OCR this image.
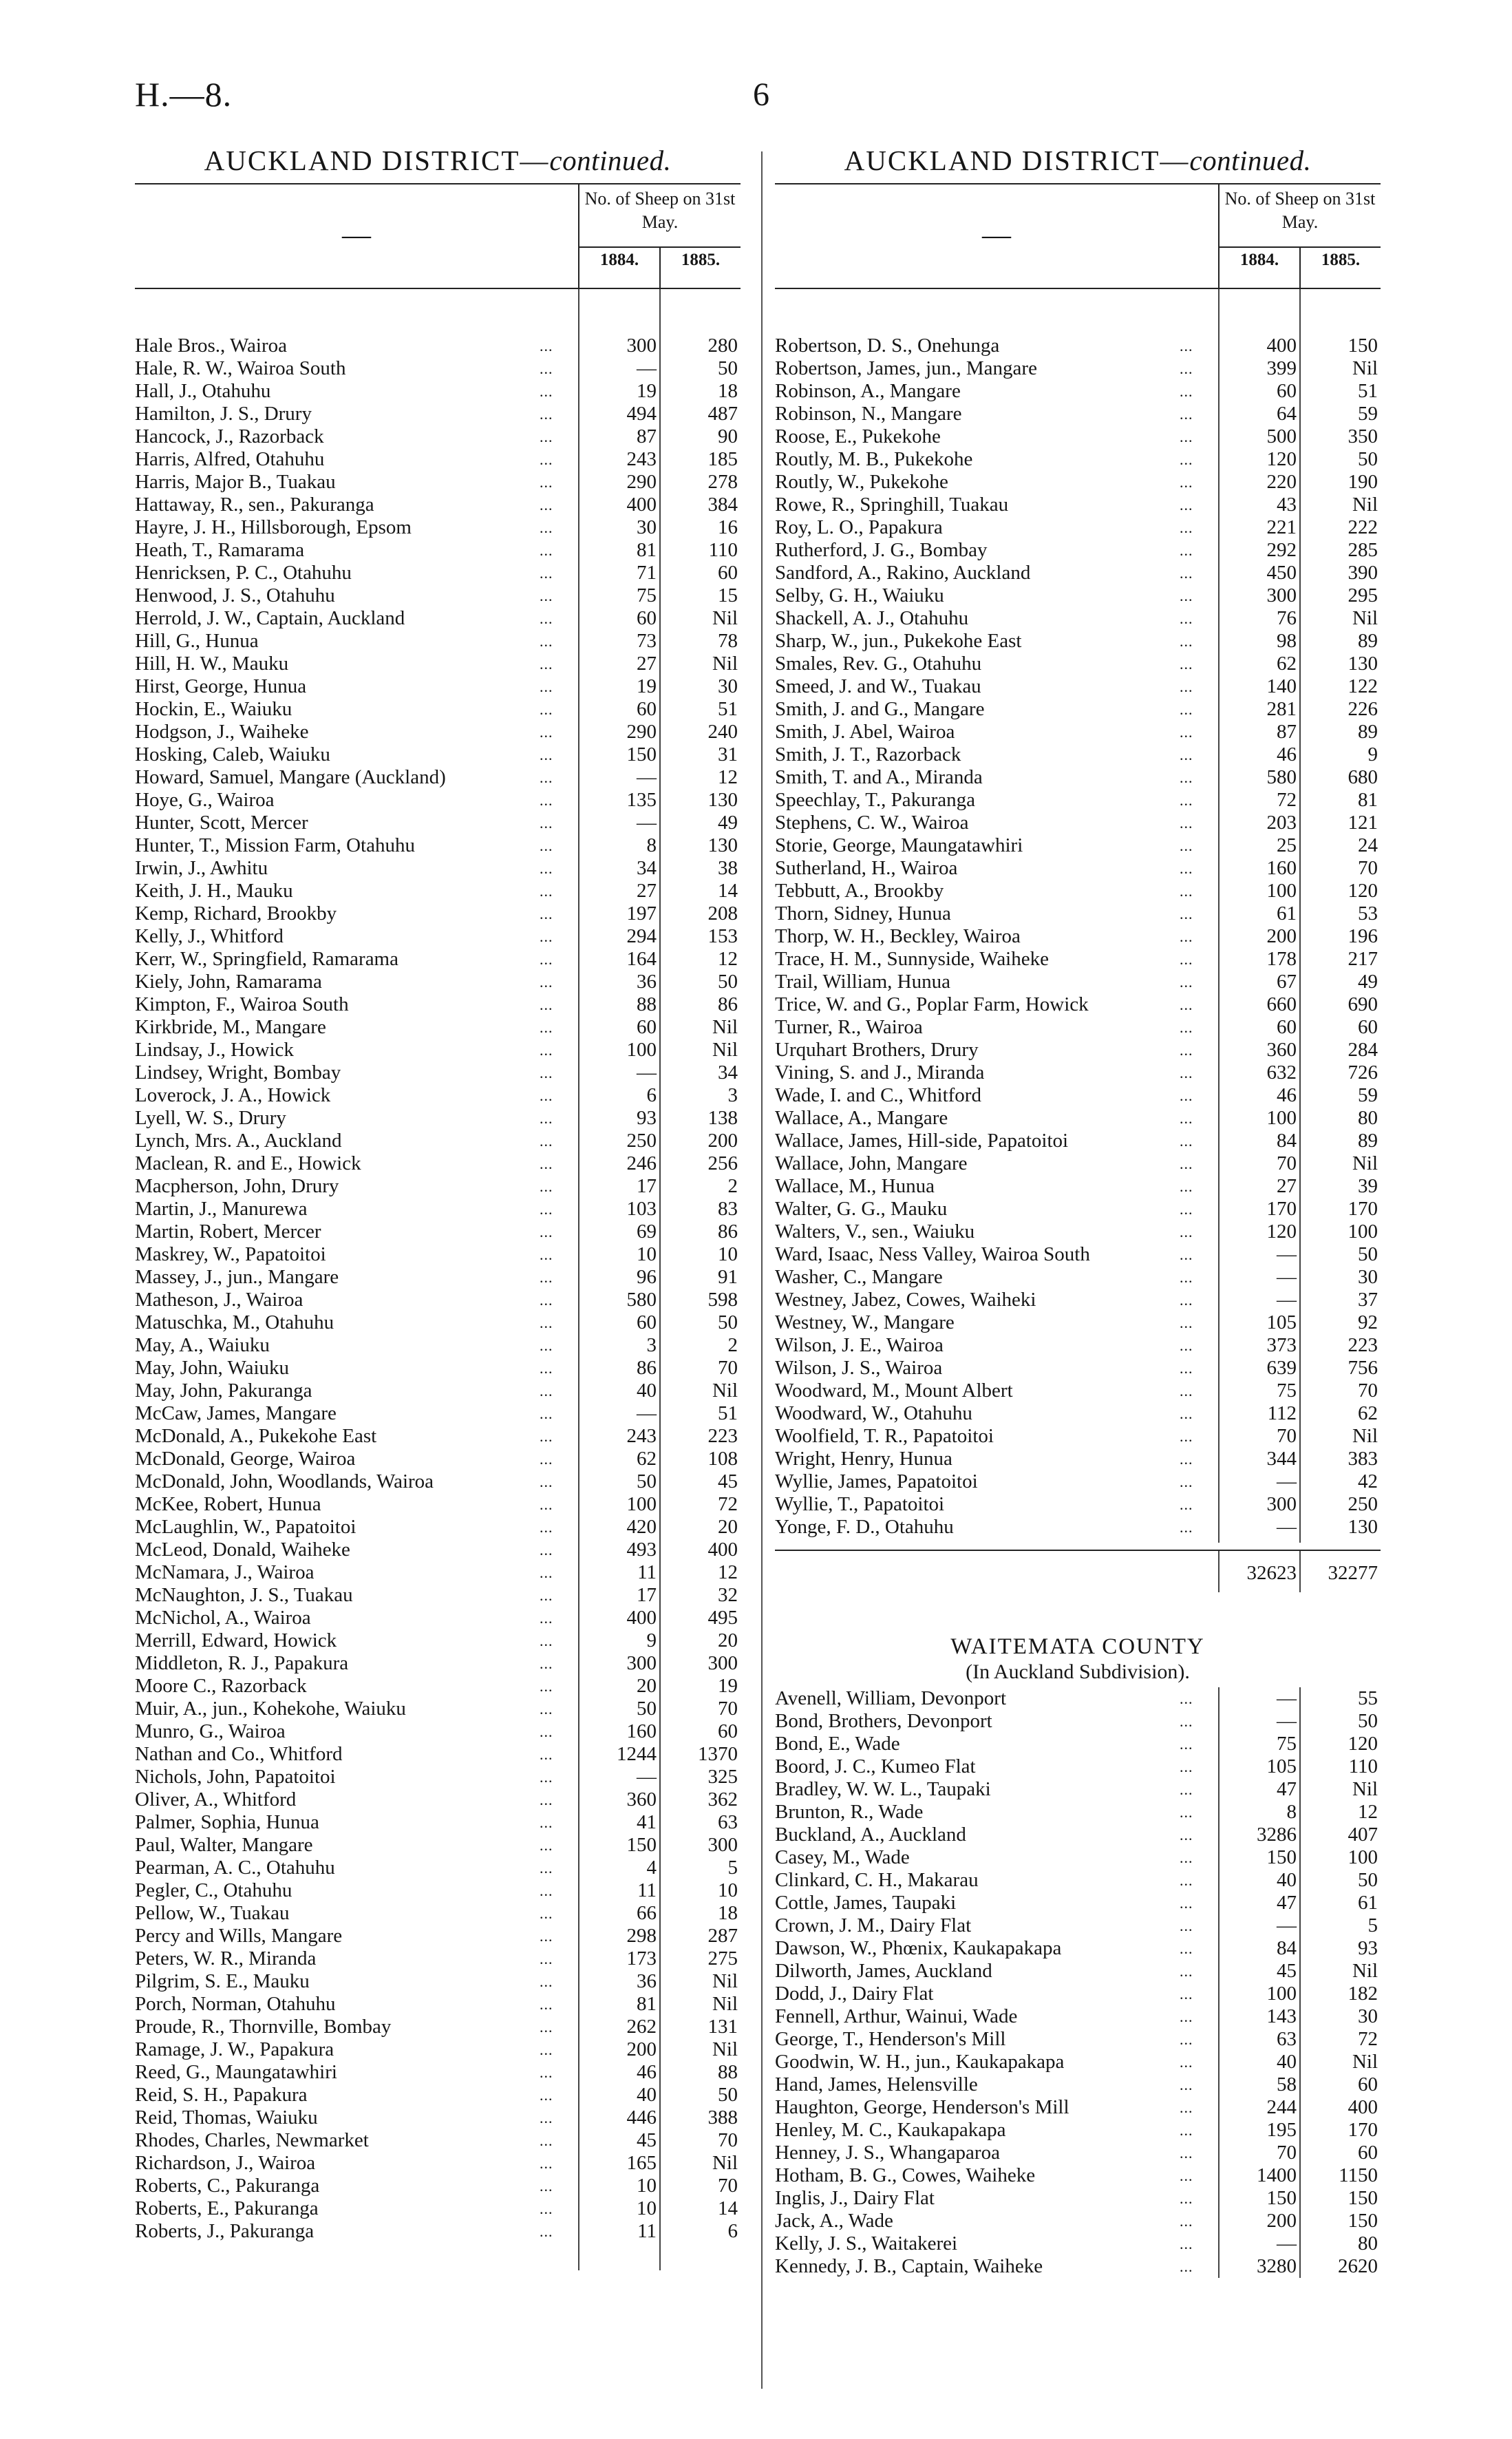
H.—8.	6
AUCKLAND DISTRICT—continued.
—
No. of Sheep on 31st May.
1884.	1885.
Hale Bros., Wairoa	...	300	280
Hale, R. W., Wairoa South	...	—	50
Hall, J., Otahuhu	...	19	18
Hamilton, J. S., Drury	...	494	487
Hancock, J., Razorback	...	87	90
Harris, Alfred, Otahuhu	...	243	185
Harris, Major B., Tuakau	...	290	278
Hattaway, R., sen., Pakuranga	...	400	384
Hayre, J. H., Hillsborough, Epsom	...	30	16
Heath, T., Ramarama	...	81	110
Henricksen, P. C., Otahuhu	...	71	60
Henwood, J. S., Otahuhu	...	75	15
Herrold, J. W., Captain, Auckland	...	60	Nil
Hill, G., Hunua	...	73	78
Hill, H. W., Mauku	...	27	Nil
Hirst, George, Hunua	...	19	30
Hockin, E., Waiuku	...	60	51
Hodgson, J., Waiheke	...	290	240
Hosking, Caleb, Waiuku	...	150	31
Howard, Samuel, Mangare (Auckland)	...	—	12
Hoye, G., Wairoa	...	135	130
Hunter, Scott, Mercer	...	—	49
Hunter, T., Mission Farm, Otahuhu	...	8	130
Irwin, J., Awhitu	...	34	38
Keith, J. H., Mauku	...	27	14
Kemp, Richard, Brookby	...	197	208
Kelly, J., Whitford	...	294	153
Kerr, W., Springfield, Ramarama	...	164	12
Kiely, John, Ramarama	...	36	50
Kimpton, F., Wairoa South	...	88	86
Kirkbride, M., Mangare	...	60	Nil
Lindsay, J., Howick	...	100	Nil
Lindsey, Wright, Bombay	...	—	34
Loverock, J. A., Howick	...	6	3
Lyell, W. S., Drury	...	93	138
Lynch, Mrs. A., Auckland	...	250	200
Maclean, R. and E., Howick	...	246	256
Macpherson, John, Drury	...	17	2
Martin, J., Manurewa	...	103	83
Martin, Robert, Mercer	...	69	86
Maskrey, W., Papatoitoi	...	10	10
Massey, J., jun., Mangare	...	96	91
Matheson, J., Wairoa	...	580	598
Matuschka, M., Otahuhu	...	60	50
May, A., Waiuku	...	3	2
May, John, Waiuku	...	86	70
May, John, Pakuranga	...	40	Nil
McCaw, James, Mangare	...	—	51
McDonald, A., Pukekohe East	...	243	223
McDonald, George, Wairoa	...	62	108
McDonald, John, Woodlands, Wairoa	...	50	45
McKee, Robert, Hunua	...	100	72
McLaughlin, W., Papatoitoi	...	420	20
McLeod, Donald, Waiheke	...	493	400
McNamara, J., Wairoa	...	11	12
McNaughton, J. S., Tuakau	...	17	32
McNichol, A., Wairoa	...	400	495
Merrill, Edward, Howick	...	9	20
Middleton, R. J., Papakura	...	300	300
Moore C., Razorback	...	20	19
Muir, A., jun., Kohekohe, Waiuku	...	50	70
Munro, G., Wairoa	...	160	60
Nathan and Co., Whitford	...	1244	1370
Nichols, John, Papatoitoi	...	—	325
Oliver, A., Whitford	...	360	362
Palmer, Sophia, Hunua	...	41	63
Paul, Walter, Mangare	...	150	300
Pearman, A. C., Otahuhu	...	4	5
Pegler, C., Otahuhu	...	11	10
Pellow, W., Tuakau	...	66	18
Percy and Wills, Mangare	...	298	287
Peters, W. R., Miranda	...	173	275
Pilgrim, S. E., Mauku	...	36	Nil
Porch, Norman, Otahuhu	...	81	Nil
Proude, R., Thornville, Bombay	...	262	131
Ramage, J. W., Papakura	...	200	Nil
Reed, G., Maungatawhiri	...	46	88
Reid, S. H., Papakura	...	40	50
Reid, Thomas, Waiuku	...	446	388
Rhodes, Charles, Newmarket	...	45	70
Richardson, J., Wairoa	...	165	Nil
Roberts, C., Pakuranga	...	10	70
Roberts, E., Pakuranga	...	10	14
Roberts, J., Pakuranga	...	11	6
AUCKLAND DISTRICT—continued.
—
No. of Sheep on 31st May.
1884.	1885.
Robertson, D. S., Onehunga	...	400	150
Robertson, James, jun., Mangare	...	399	Nil
Robinson, A., Mangare	...	60	51
Robinson, N., Mangare	...	64	59
Roose, E., Pukekohe	...	500	350
Routly, M. B., Pukekohe	...	120	50
Routly, W., Pukekohe	...	220	190
Rowe, R., Springhill, Tuakau	...	43	Nil
Roy, L. O., Papakura	...	221	222
Rutherford, J. G., Bombay	...	292	285
Sandford, A., Rakino, Auckland	...	450	390
Selby, G. H., Waiuku	...	300	295
Shackell, A. J., Otahuhu	...	76	Nil
Sharp, W., jun., Pukekohe East	...	98	89
Smales, Rev. G., Otahuhu	...	62	130
Smeed, J. and W., Tuakau	...	140	122
Smith, J. and G., Mangare	...	281	226
Smith, J. Abel, Wairoa	...	87	89
Smith, J. T., Razorback	...	46	9
Smith, T. and A., Miranda	...	580	680
Speechlay, T., Pakuranga	...	72	81
Stephens, C. W., Wairoa	...	203	121
Storie, George, Maungatawhiri	...	25	24
Sutherland, H., Wairoa	...	160	70
Tebbutt, A., Brookby	...	100	120
Thorn, Sidney, Hunua	...	61	53
Thorp, W. H., Beckley, Wairoa	...	200	196
Trace, H. M., Sunnyside, Waiheke	...	178	217
Trail, William, Hunua	...	67	49
Trice, W. and G., Poplar Farm, Howick	...	660	690
Turner, R., Wairoa	...	60	60
Urquhart Brothers, Drury	...	360	284
Vining, S. and J., Miranda	...	632	726
Wade, I. and C., Whitford	...	46	59
Wallace, A., Mangare	...	100	80
Wallace, James, Hill-side, Papatoitoi	...	84	89
Wallace, John, Mangare	...	70	Nil
Wallace, M., Hunua	...	27	39
Walter, G. G., Mauku	...	170	170
Walters, V., sen., Waiuku	...	120	100
Ward, Isaac, Ness Valley, Wairoa South	...	—	50
Washer, C., Mangare	...	—	30
Westney, Jabez, Cowes, Waiheki	...	—	37
Westney, W., Mangare	...	105	92
Wilson, J. E., Wairoa	...	373	223
Wilson, J. S., Wairoa	...	639	756
Woodward, M., Mount Albert	...	75	70
Woodward, W., Otahuhu	...	112	62
Woolfield, T. R., Papatoitoi	...	70	Nil
Wright, Henry, Hunua	...	344	383
Wyllie, James, Papatoitoi	...	—	42
Wyllie, T., Papatoitoi	...	300	250
Yonge, F. D., Otahuhu	...	—	130
32623	32277
WAITEMATA COUNTY
(In Auckland Subdivision).
Avenell, William, Devonport	...	—	55
Bond, Brothers, Devonport	...	—	50
Bond, E., Wade	...	75	120
Boord, J. C., Kumeo Flat	...	105	110
Bradley, W. W. L., Taupaki	...	47	Nil
Brunton, R., Wade	...	8	12
Buckland, A., Auckland	...	3286	407
Casey, M., Wade	...	150	100
Clinkard, C. H., Makarau	...	40	50
Cottle, James, Taupaki	...	47	61
Crown, J. M., Dairy Flat	...	—	5
Dawson, W., Phœnix, Kaukapakapa	...	84	93
Dilworth, James, Auckland	...	45	Nil
Dodd, J., Dairy Flat	...	100	182
Fennell, Arthur, Wainui, Wade	...	143	30
George, T., Henderson's Mill	...	63	72
Goodwin, W. H., jun., Kaukapakapa	...	40	Nil
Hand, James, Helensville	...	58	60
Haughton, George, Henderson's Mill	...	244	400
Henley, M. C., Kaukapakapa	...	195	170
Henney, J. S., Whangaparoa	...	70	60
Hotham, B. G., Cowes, Waiheke	...	1400	1150
Inglis, J., Dairy Flat	...	150	150
Jack, A., Wade	...	200	150
Kelly, J. S., Waitakerei	...	—	80
Kennedy, J. B., Captain, Waiheke	...	3280	2620
